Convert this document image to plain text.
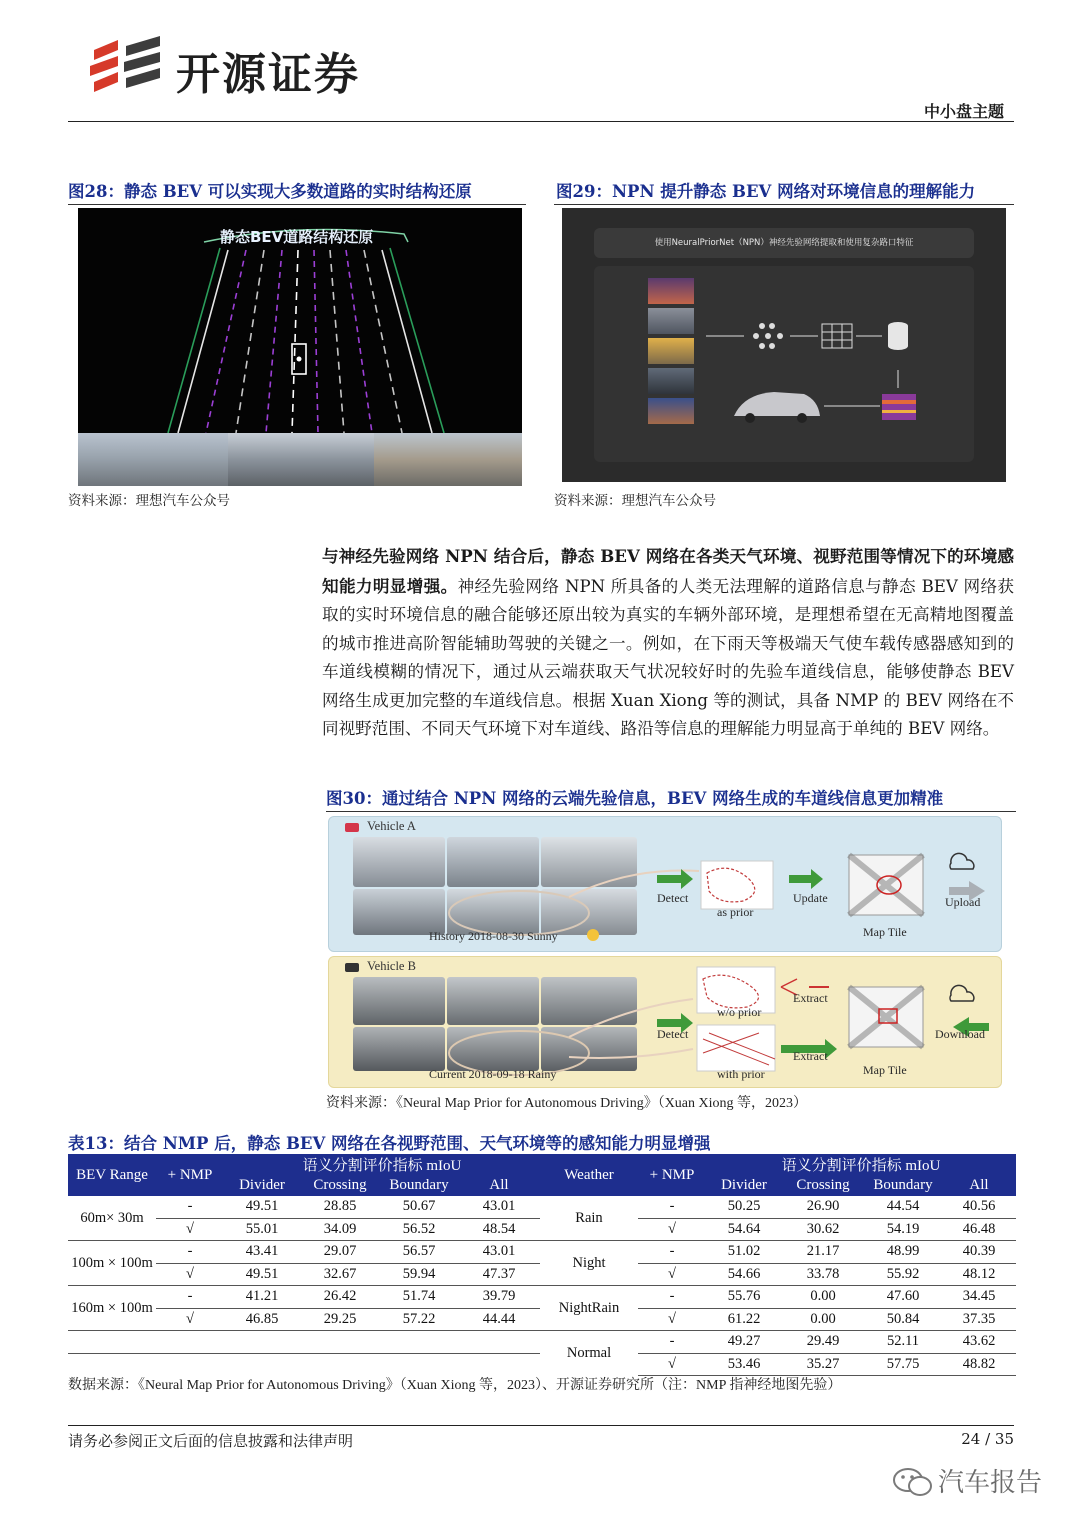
开源证券
中小盘主题
图28：静态 BEV 可以实现大多数道路的实时结构还原
静态BEV道路结构还原
资料来源：理想汽车公众号
图29：NPN 提升静态 BEV 网络对环境信息的理解能力
使用NeuralPriorNet（NPN）神经先验网络提取和使用复杂路口特征
资料来源：理想汽车公众号
与神经先验网络 NPN 结合后，静态 BEV 网络在各类天气环境、视野范围等情况下的环境感知能力明显增强。神经先验网络 NPN 所具备的人类无法理解的道路信息与静态 BEV 网络获取的实时环境信息的融合能够还原出较为真实的车辆外部环境，是理想希望在无高精地图覆盖的城市推进高阶智能辅助驾驶的关键之一。例如，在下雨天等极端天气使车载传感器感知到的车道线模糊的情况下，通过从云端获取天气状况较好时的先验车道线信息，能够使静态 BEV 网络生成更加完整的车道线信息。根据 Xuan Xiong 等的测试，具备 NMP 的 BEV 网络在不同视野范围、不同天气环境下对车道线、路沿等信息的理解能力明显高于单纯的 BEV 网络。
图30：通过结合 NPN 网络的云端先验信息，BEV 网络生成的车道线信息更加精准
Vehicle A
History 2018-08-30 Sunny
Detect
as prior
Update
Map Tile
Upload
Vehicle B
Current 2018-09-18 Rainy
Detect
w/o prior
with prior
Extract
Extract
Map Tile
Download
资料来源：《Neural Map Prior for Autonomous Driving》（Xuan Xiong 等，2023）
表13：结合 NMP 后，静态 BEV 网络在各视野范围、天气环境等的感知能力明显增强
BEV Range	+ NMP	语义分割评价指标 mIoU				Weather	+ NMP	语义分割评价指标 mIoU			
		Divider	Crossing	Boundary	All			Divider	Crossing	Boundary	All
60m× 30m	-	49.51	28.85	50.67	43.01	Rain	-	50.25	26.90	44.54	40.56
	√	55.01	34.09	56.52	48.54		√	54.64	30.62	54.19	46.48
100m × 100m	-	43.41	29.07	56.57	43.01	Night	-	51.02	21.17	48.99	40.39
	√	49.51	32.67	59.94	47.37		√	54.66	33.78	55.92	48.12
160m × 100m	-	41.21	26.42	51.74	39.79	NightRain	-	55.76	0.00	47.60	34.45
	√	46.85	29.25	57.22	44.44		√	61.22	0.00	50.84	37.35
						Normal	-	49.27	29.49	52.11	43.62
							√	53.46	35.27	57.75	48.82
数据来源：《Neural Map Prior for Autonomous Driving》（Xuan Xiong 等，2023）、开源证券研究所（注：NMP 指神经地图先验）
请务必参阅正文后面的信息披露和法律声明	24 / 35
汽车报告
